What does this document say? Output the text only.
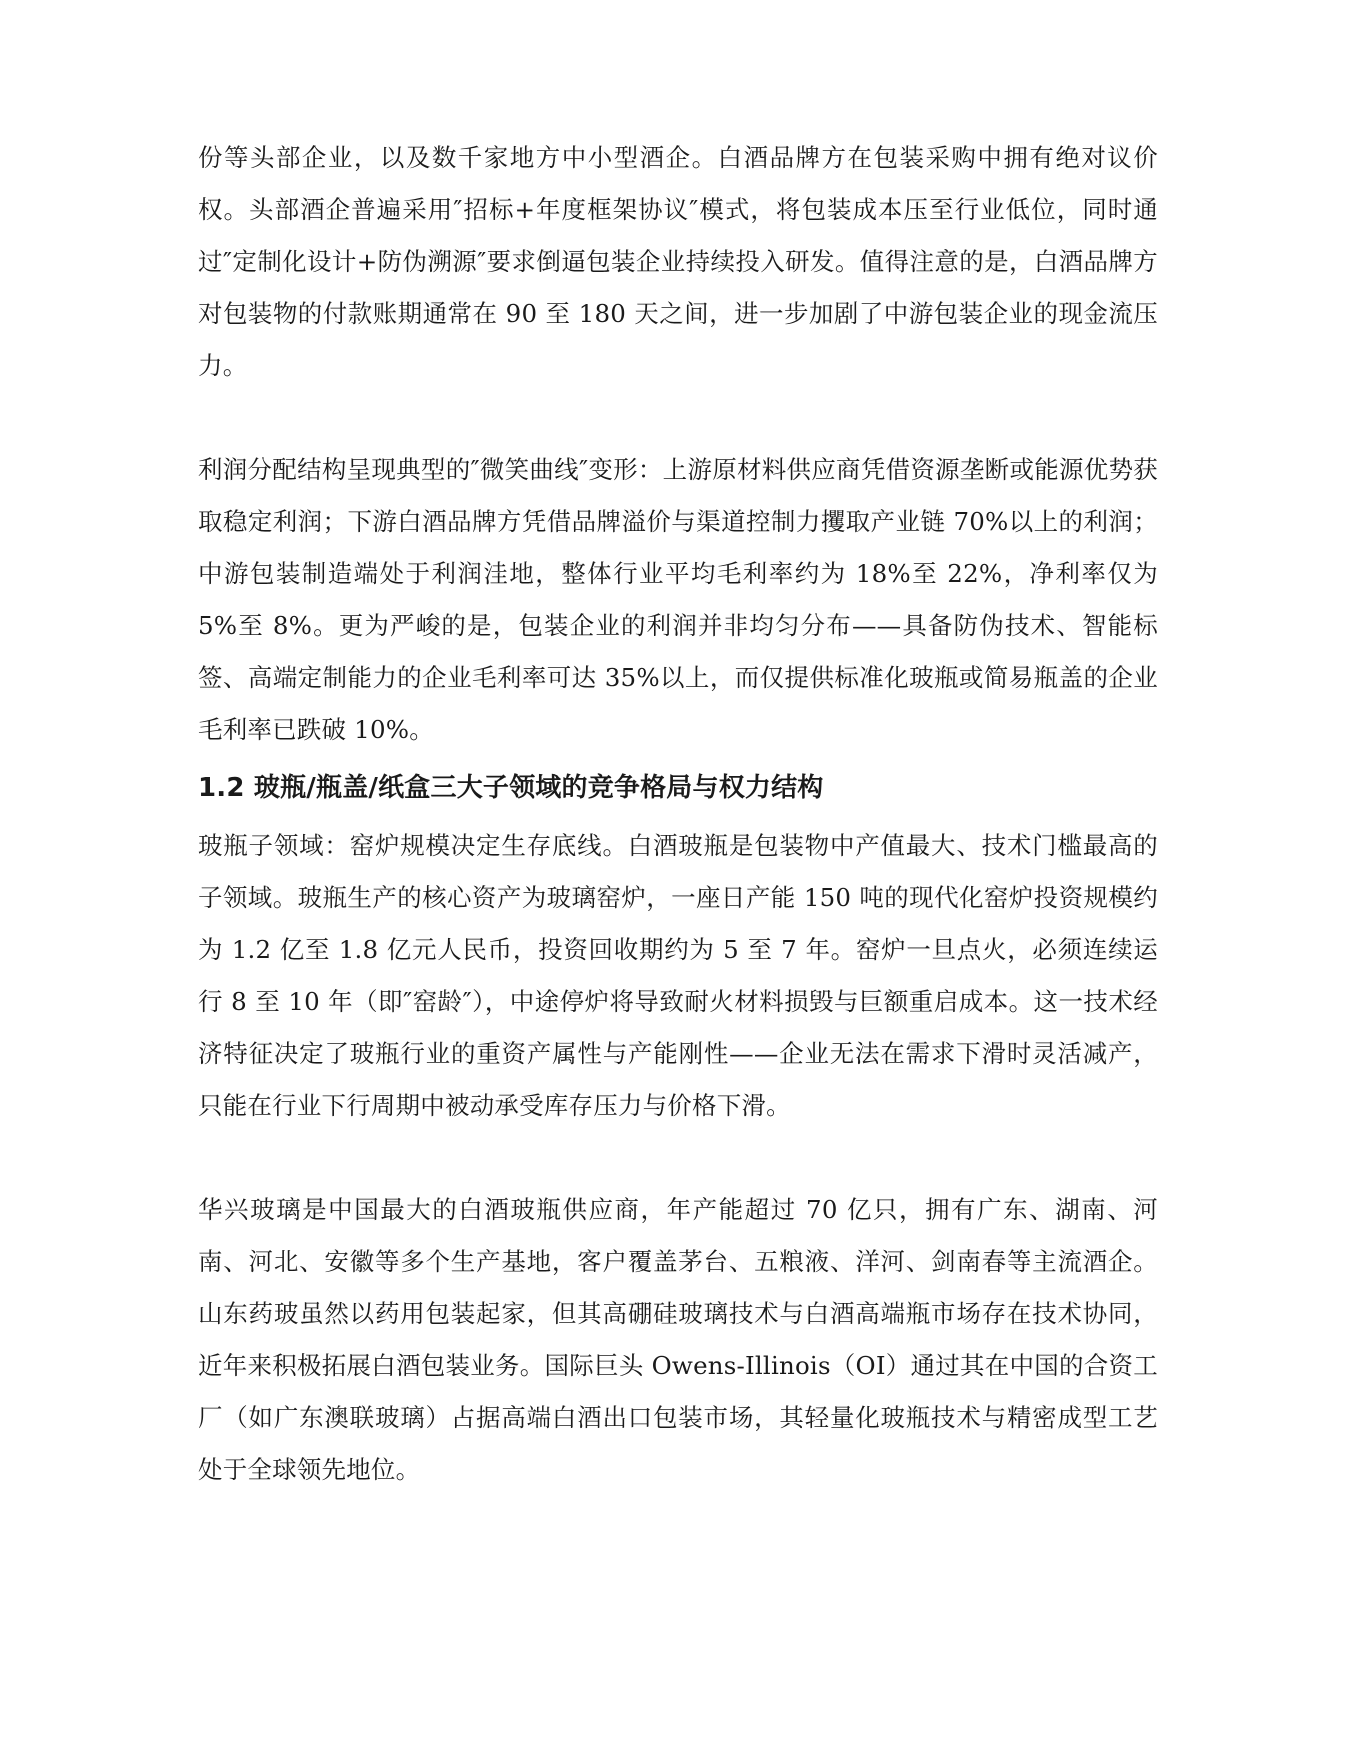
份等头部企业，以及数千家地方中小型酒企。白酒品牌方在包装采购中拥有绝对议价权。头部酒企普遍采用″招标+年度框架协议″模式，将包装成本压至行业低位，同时通过″定制化设计+防伪溯源″要求倒逼包装企业持续投入研发。值得注意的是，白酒品牌方对包装物的付款账期通常在 90 至 180 天之间，进一步加剧了中游包装企业的现金流压力。

利润分配结构呈现典型的″微笑曲线″变形：上游原材料供应商凭借资源垄断或能源优势获取稳定利润；下游白酒品牌方凭借品牌溢价与渠道控制力攫取产业链 70%以上的利润；中游包装制造端处于利润洼地，整体行业平均毛利率约为 18%至 22%，净利率仅为 5%至 8%。更为严峻的是，包装企业的利润并非均匀分布——具备防伪技术、智能标签、高端定制能力的企业毛利率可达 35%以上，而仅提供标准化玻瓶或简易瓶盖的企业毛利率已跌破 10%。

1.2 玻瓶/瓶盖/纸盒三大子领域的竞争格局与权力结构

玻瓶子领域：窑炉规模决定生存底线。白酒玻瓶是包装物中产值最大、技术门槛最高的子领域。玻瓶生产的核心资产为玻璃窑炉，一座日产能 150 吨的现代化窑炉投资规模约为 1.2 亿至 1.8 亿元人民币，投资回收期约为 5 至 7 年。窑炉一旦点火，必须连续运行 8 至 10 年（即″窑龄″），中途停炉将导致耐火材料损毁与巨额重启成本。这一技术经济特征决定了玻瓶行业的重资产属性与产能刚性——企业无法在需求下滑时灵活减产，只能在行业下行周期中被动承受库存压力与价格下滑。

华兴玻璃是中国最大的白酒玻瓶供应商，年产能超过 70 亿只，拥有广东、湖南、河南、河北、安徽等多个生产基地，客户覆盖茅台、五粮液、洋河、剑南春等主流酒企。山东药玻虽然以药用包装起家，但其高硼硅玻璃技术与白酒高端瓶市场存在技术协同，近年来积极拓展白酒包装业务。国际巨头 Owens-Illinois（OI）通过其在中国的合资工厂（如广东澳联玻璃）占据高端白酒出口包装市场，其轻量化玻瓶技术与精密成型工艺处于全球领先地位。
